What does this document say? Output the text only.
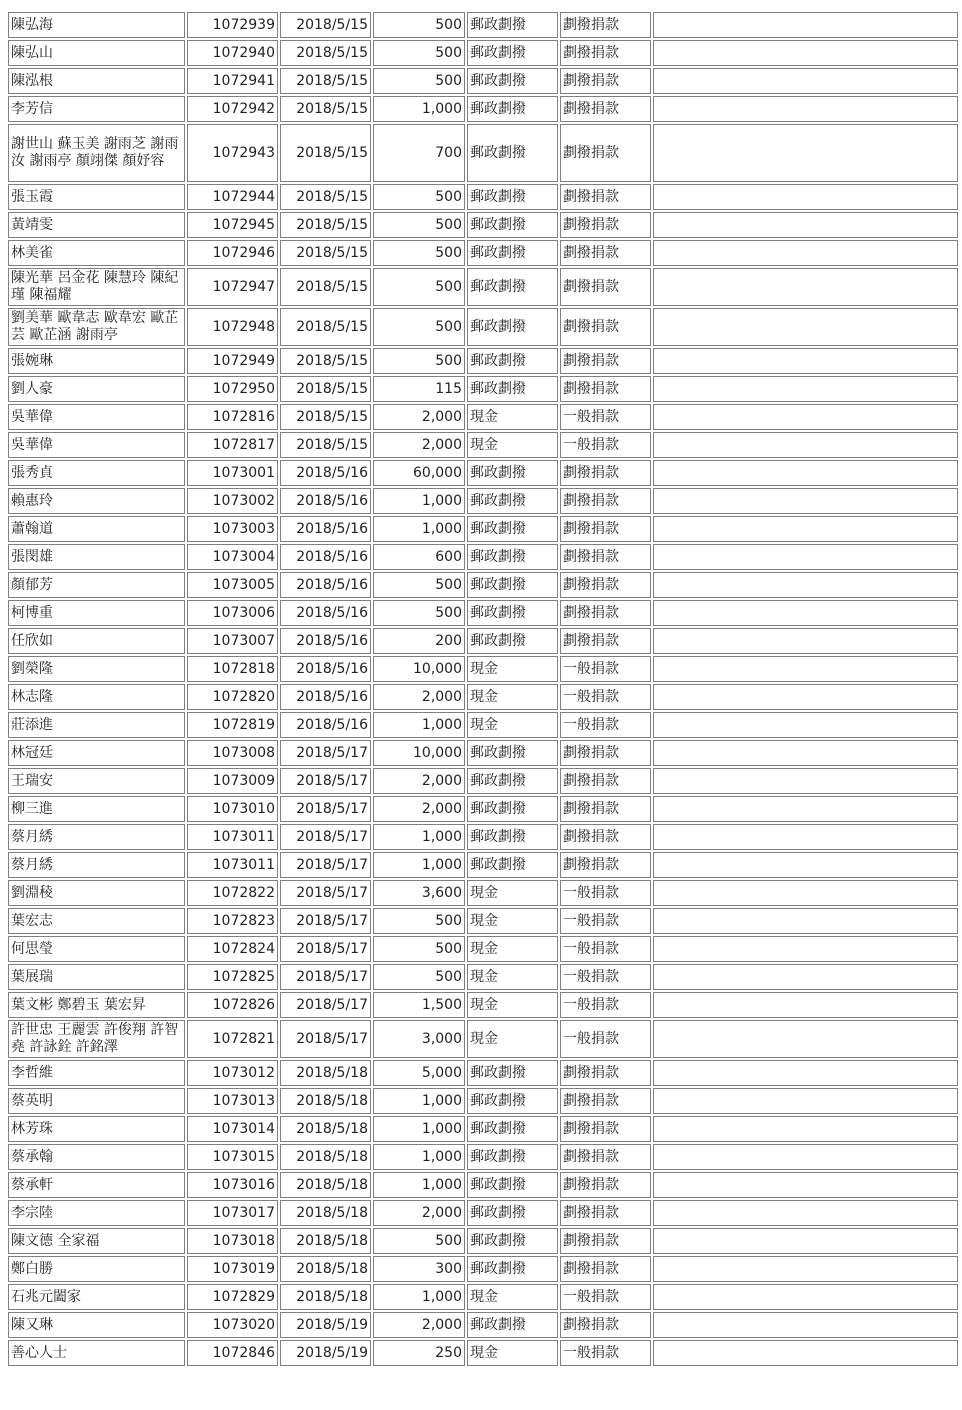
陳弘海	1072939	2018/5/15	500	郵政劃撥	劃撥捐款	
陳弘山	1072940	2018/5/15	500	郵政劃撥	劃撥捐款	
陳泓根	1072941	2018/5/15	500	郵政劃撥	劃撥捐款	
李芳信	1072942	2018/5/15	1,000	郵政劃撥	劃撥捐款	
謝世山 蘇玉美 謝雨芝 謝雨汝 謝雨亭 顏翊傑 顏妤容	1072943	2018/5/15	700	郵政劃撥	劃撥捐款	
張玉霞	1072944	2018/5/15	500	郵政劃撥	劃撥捐款	
黃靖雯	1072945	2018/5/15	500	郵政劃撥	劃撥捐款	
林美雀	1072946	2018/5/15	500	郵政劃撥	劃撥捐款	
陳光華 呂金花 陳慧玲 陳紀瑾 陳福耀	1072947	2018/5/15	500	郵政劃撥	劃撥捐款	
劉美華 歐韋志 歐韋宏 歐芷芸 歐芷涵 謝雨亭	1072948	2018/5/15	500	郵政劃撥	劃撥捐款	
張婉琳	1072949	2018/5/15	500	郵政劃撥	劃撥捐款	
劉人豪	1072950	2018/5/15	115	郵政劃撥	劃撥捐款	
吳華偉	1072816	2018/5/15	2,000	現金	一般捐款	
吳華偉	1072817	2018/5/15	2,000	現金	一般捐款	
張秀貞	1073001	2018/5/16	60,000	郵政劃撥	劃撥捐款	
賴惠玲	1073002	2018/5/16	1,000	郵政劃撥	劃撥捐款	
蕭翰道	1073003	2018/5/16	1,000	郵政劃撥	劃撥捐款	
張閔雄	1073004	2018/5/16	600	郵政劃撥	劃撥捐款	
顏郁芳	1073005	2018/5/16	500	郵政劃撥	劃撥捐款	
柯博重	1073006	2018/5/16	500	郵政劃撥	劃撥捐款	
任欣如	1073007	2018/5/16	200	郵政劃撥	劃撥捐款	
劉榮隆	1072818	2018/5/16	10,000	現金	一般捐款	
林志隆	1072820	2018/5/16	2,000	現金	一般捐款	
莊添進	1072819	2018/5/16	1,000	現金	一般捐款	
林冠廷	1073008	2018/5/17	10,000	郵政劃撥	劃撥捐款	
王瑞安	1073009	2018/5/17	2,000	郵政劃撥	劃撥捐款	
柳三進	1073010	2018/5/17	2,000	郵政劃撥	劃撥捐款	
蔡月綉	1073011	2018/5/17	1,000	郵政劃撥	劃撥捐款	
蔡月綉	1073011	2018/5/17	1,000	郵政劃撥	劃撥捐款	
劉淵稜	1072822	2018/5/17	3,600	現金	一般捐款	
葉宏志	1072823	2018/5/17	500	現金	一般捐款	
何思瑩	1072824	2018/5/17	500	現金	一般捐款	
葉展瑞	1072825	2018/5/17	500	現金	一般捐款	
葉文彬 鄭碧玉 葉宏昇	1072826	2018/5/17	1,500	現金	一般捐款	
許世忠 王麗雲 許俊翔 許智堯 許詠銓 許銘澤	1072821	2018/5/17	3,000	現金	一般捐款	
李哲維	1073012	2018/5/18	5,000	郵政劃撥	劃撥捐款	
蔡英明	1073013	2018/5/18	1,000	郵政劃撥	劃撥捐款	
林芳珠	1073014	2018/5/18	1,000	郵政劃撥	劃撥捐款	
蔡承翰	1073015	2018/5/18	1,000	郵政劃撥	劃撥捐款	
蔡承軒	1073016	2018/5/18	1,000	郵政劃撥	劃撥捐款	
李宗陸	1073017	2018/5/18	2,000	郵政劃撥	劃撥捐款	
陳文德 全家福	1073018	2018/5/18	500	郵政劃撥	劃撥捐款	
鄭白勝	1073019	2018/5/18	300	郵政劃撥	劃撥捐款	
石兆元闔家	1072829	2018/5/18	1,000	現金	一般捐款	
陳又琳	1073020	2018/5/19	2,000	郵政劃撥	劃撥捐款	
善心人士	1072846	2018/5/19	250	現金	一般捐款	
